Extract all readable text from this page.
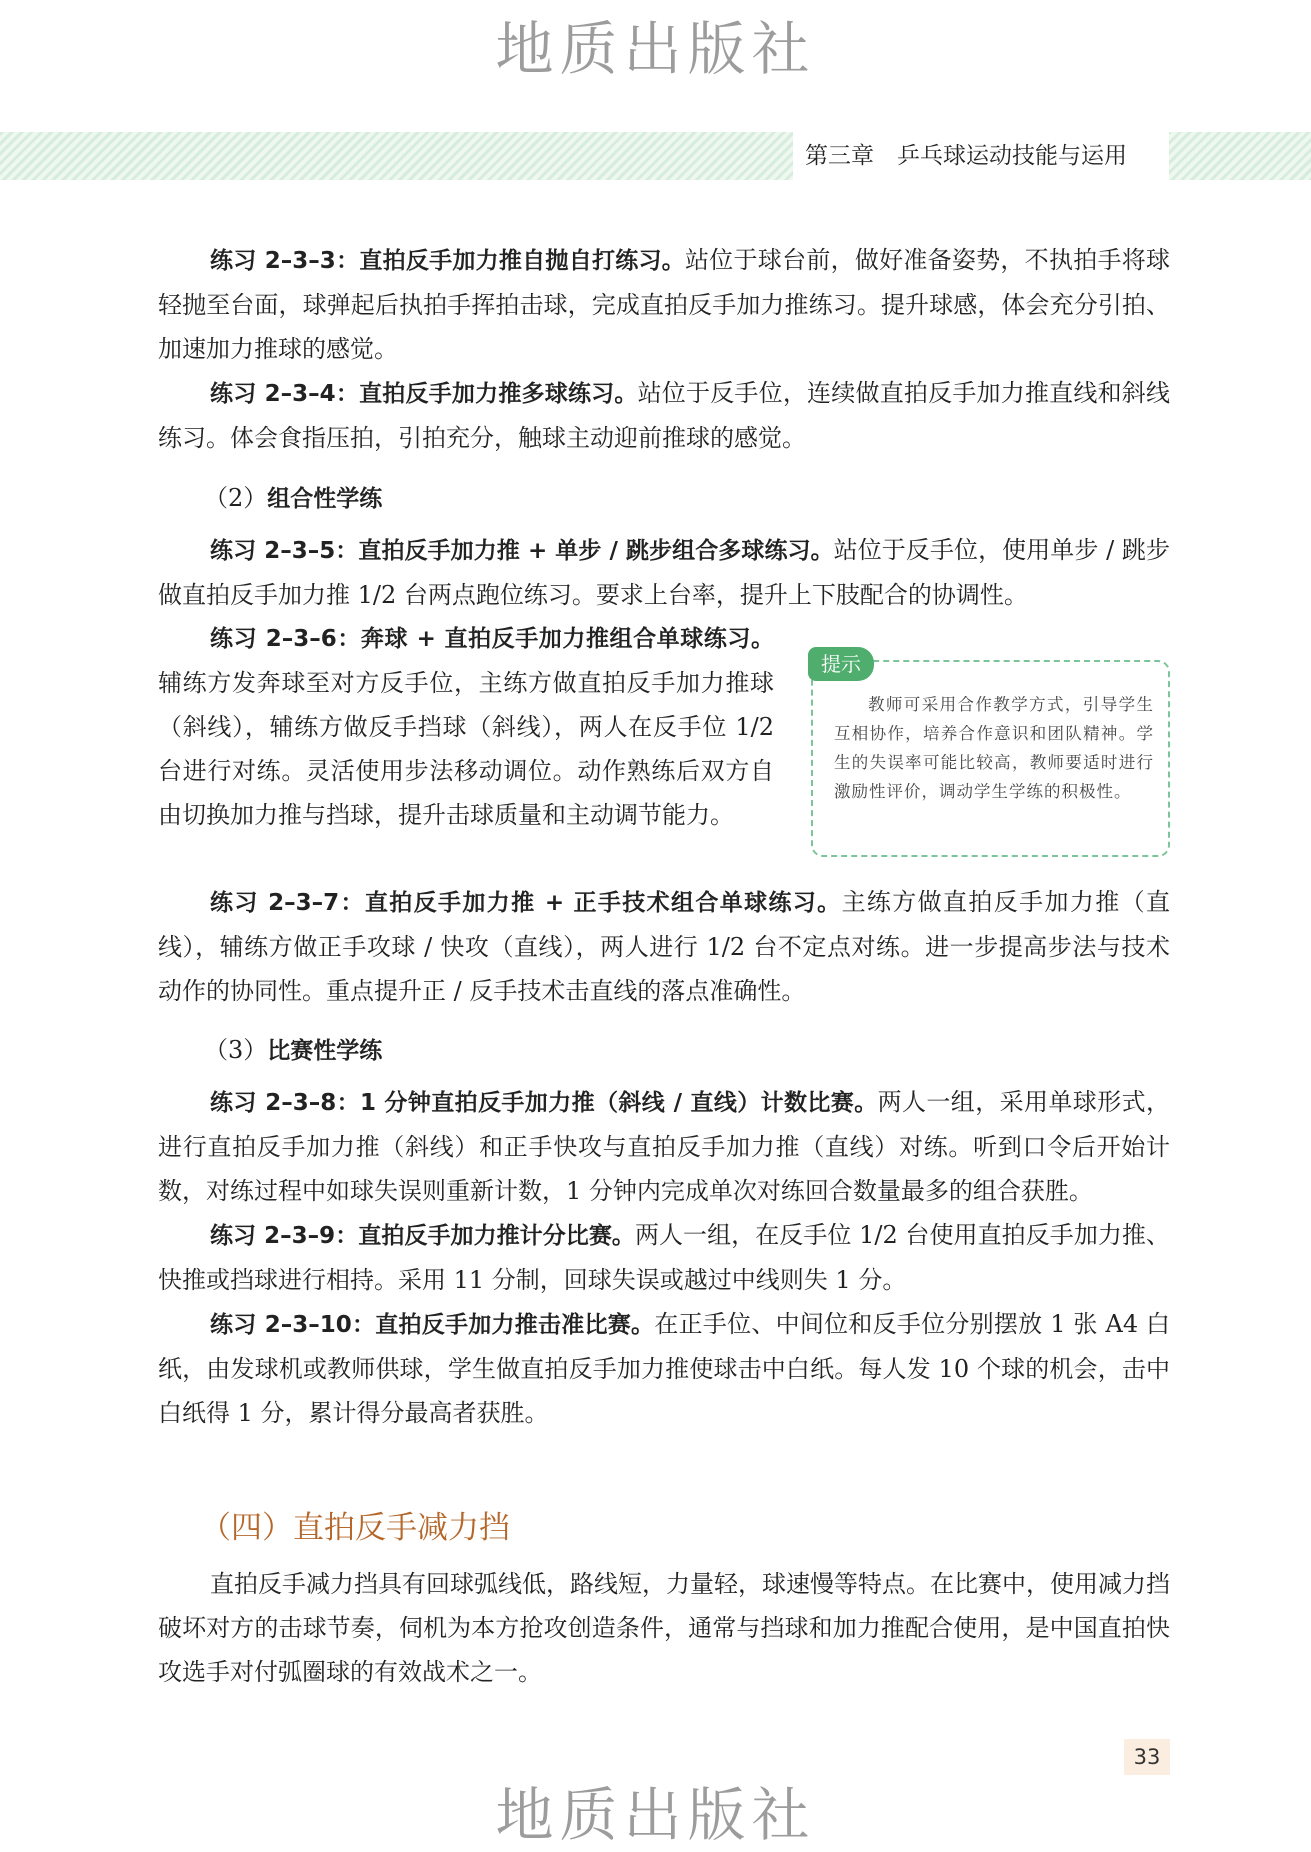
地质出版社
第三章　乒乓球运动技能与运用

练习 2–3–3：直拍反手加力推自抛自打练习。站位于球台前，做好准备姿势，不执拍手将球轻抛至台面，球弹起后执拍手挥拍击球，完成直拍反手加力推练习。提升球感，体会充分引拍、加速加力推球的感觉。

练习 2–3–4：直拍反手加力推多球练习。站位于反手位，连续做直拍反手加力推直线和斜线练习。体会食指压拍，引拍充分，触球主动迎前推球的感觉。

（2）组合性学练

练习 2–3–5：直拍反手加力推 + 单步 / 跳步组合多球练习。站位于反手位，使用单步 / 跳步做直拍反手加力推 1/2 台两点跑位练习。要求上台率，提升上下肢配合的协调性。

练习 2–3–6：奔球 + 直拍反手加力推组合单球练习。辅练方发奔球至对方反手位，主练方做直拍反手加力推球（斜线），辅练方做反手挡球（斜线），两人在反手位 1/2 台进行对练。灵活使用步法移动调位。动作熟练后双方自由切换加力推与挡球，提升击球质量和主动调节能力。

提示
教师可采用合作教学方式，引导学生互相协作，培养合作意识和团队精神。学生的失误率可能比较高，教师要适时进行激励性评价，调动学生学练的积极性。

练习 2–3–7：直拍反手加力推 + 正手技术组合单球练习。主练方做直拍反手加力推（直线），辅练方做正手攻球 / 快攻（直线），两人进行 1/2 台不定点对练。进一步提高步法与技术动作的协同性。重点提升正 / 反手技术击直线的落点准确性。

（3）比赛性学练

练习 2–3–8：1 分钟直拍反手加力推（斜线 / 直线）计数比赛。两人一组，采用单球形式，进行直拍反手加力推（斜线）和正手快攻与直拍反手加力推（直线）对练。听到口令后开始计数，对练过程中如球失误则重新计数，1 分钟内完成单次对练回合数量最多的组合获胜。

练习 2–3–9：直拍反手加力推计分比赛。两人一组，在反手位 1/2 台使用直拍反手加力推、快推或挡球进行相持。采用 11 分制，回球失误或越过中线则失 1 分。

练习 2–3–10：直拍反手加力推击准比赛。在正手位、中间位和反手位分别摆放 1 张 A4 白纸，由发球机或教师供球，学生做直拍反手加力推使球击中白纸。每人发 10 个球的机会，击中白纸得 1 分，累计得分最高者获胜。

（四）直拍反手减力挡

直拍反手减力挡具有回球弧线低，路线短，力量轻，球速慢等特点。在比赛中，使用减力挡破坏对方的击球节奏，伺机为本方抢攻创造条件，通常与挡球和加力推配合使用，是中国直拍快攻选手对付弧圈球的有效战术之一。

33
地质出版社
